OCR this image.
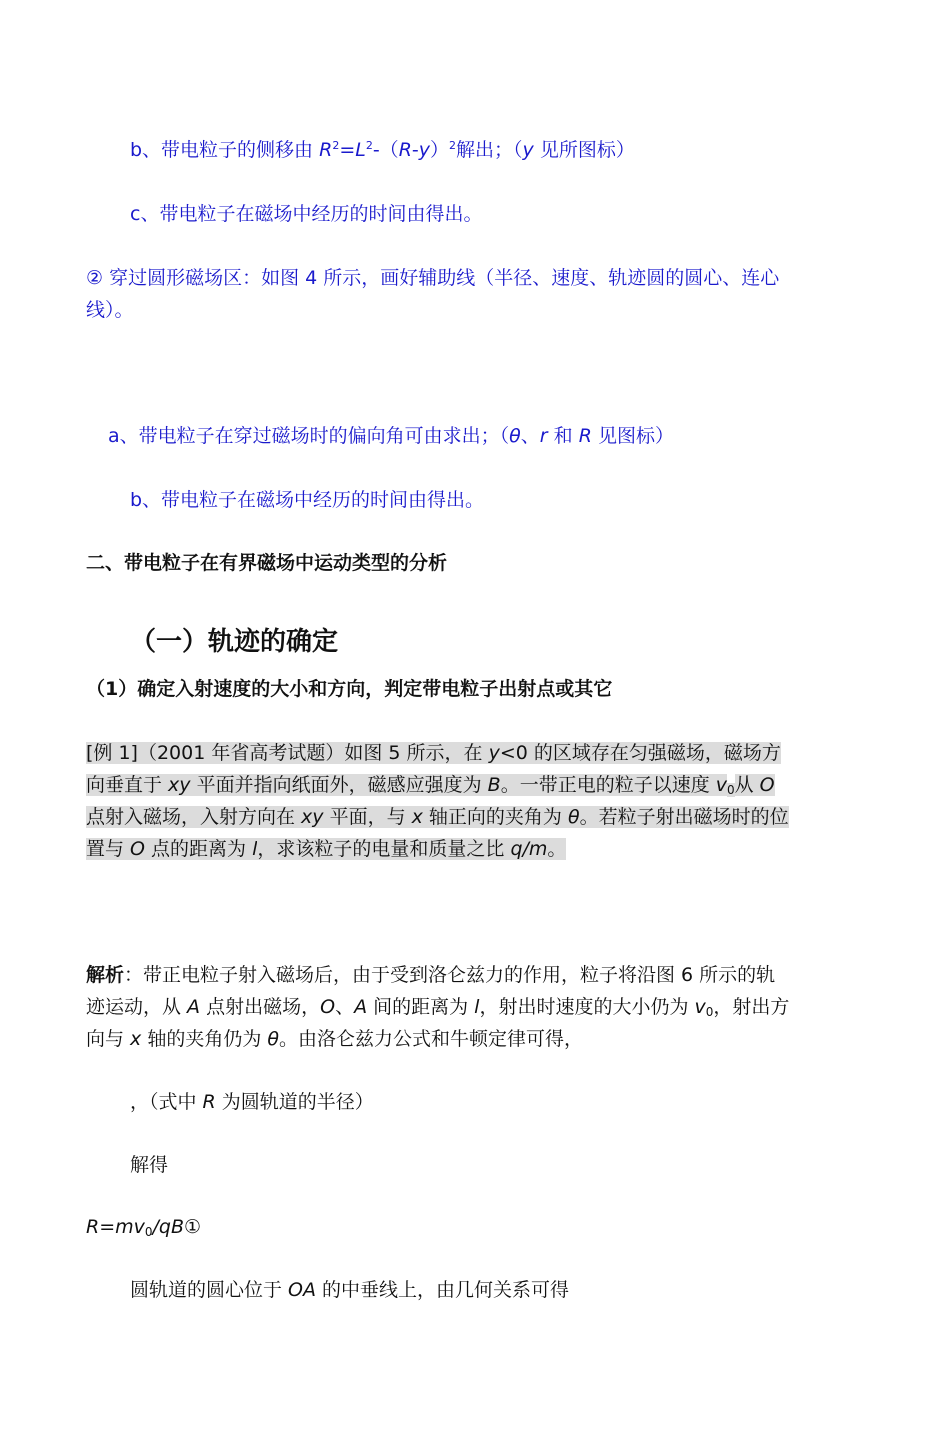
b、带电粒子的侧移由 $R^2=L^2-(R-y)^2$解出；（y 见所图标）
c、带电粒子在磁场中经历的时间由得出。
② 穿过圆形磁场区：如图 4 所示，画好辅助线（半径、速度、轨迹圆的圆心、连心
线）。
a、带电粒子在穿过磁场时的偏向角可由求出；（θ、r 和 R 见图标）
b、带电粒子在磁场中经历的时间由得出。
二、带电粒子在有界磁场中运动类型的分析
（一）轨迹的确定
（1）确定入射速度的大小和方向，判定带电粒子出射点或其它
[例 1]（2001 年省高考试题）如图 5 所示，在 y<0 的区域存在匀强磁场，磁场方
向垂直于 xy 平面并指向纸面外，磁感应强度为 B。一带正电的粒子以速度 $v_0$从 O
点射入磁场，入射方向在 xy 平面，与 x 轴正向的夹角为 θ。若粒子射出磁场时的位
置与 O 点的距离为 l，求该粒子的电量和质量之比 q/m。
解析：带正电粒子射入磁场后，由于受到洛仑兹力的作用，粒子将沿图 6 所示的轨
迹运动，从 A 点射出磁场，O、A 间的距离为 l，射出时速度的大小仍为 $v_0$，射出方
向与 x 轴的夹角仍为 θ。由洛仑兹力公式和牛顿定律可得，
，（式中 R 为圆轨道的半径）
解得
$R=mv_0$/qB①
圆轨道的圆心位于 OA 的中垂线上，由几何关系可得
